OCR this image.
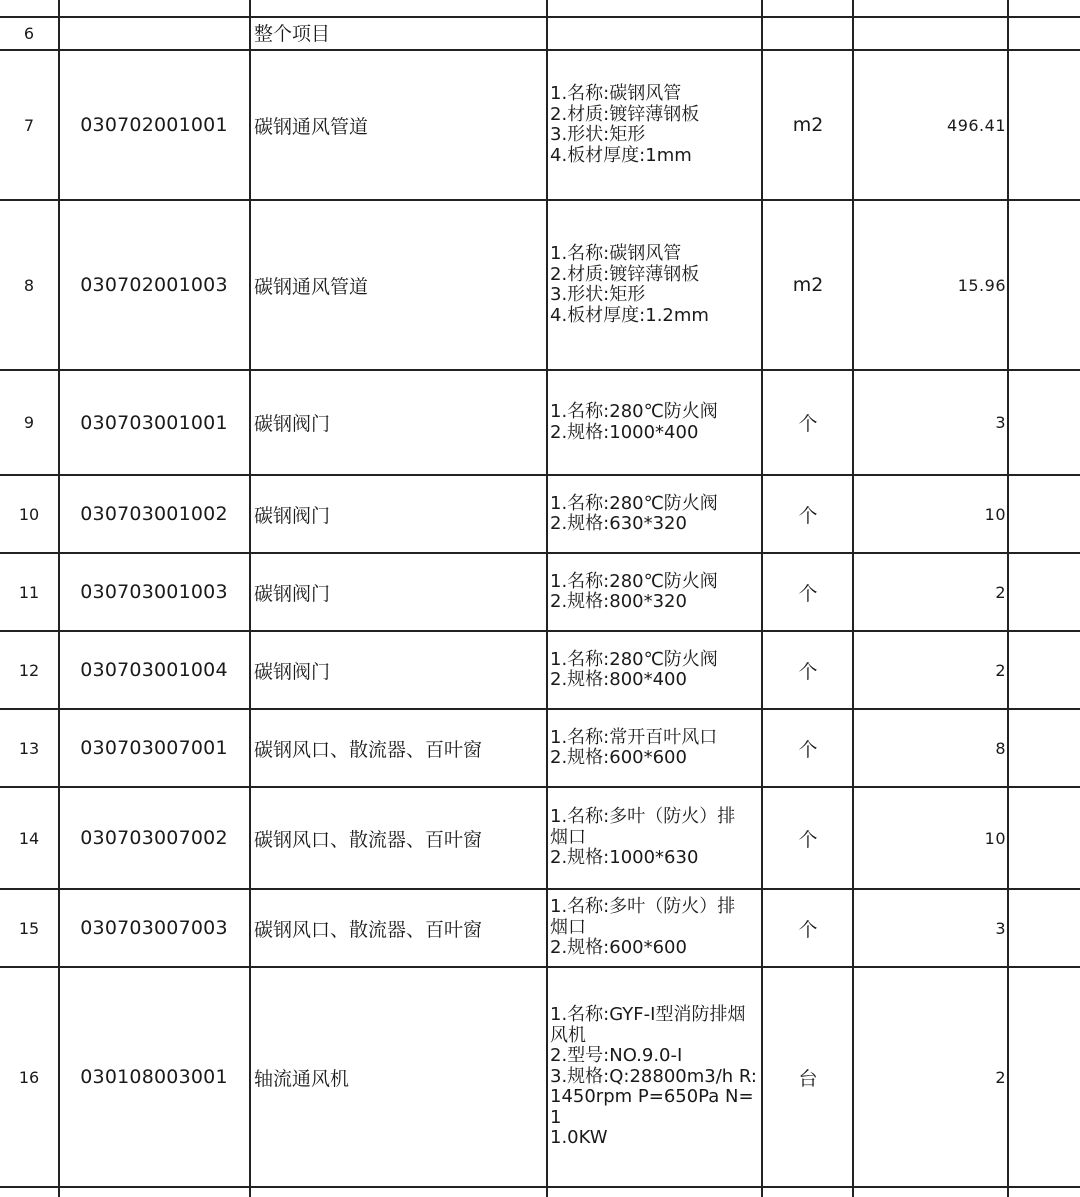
6	整个项目
7	030702001001	碳钢通风管道
1.名称:碳钢风管
2.材质:镀锌薄钢板
3.形状:矩形
4.板材厚度:1mm
m2	496.41
8	030702001003	碳钢通风管道
1.名称:碳钢风管
2.材质:镀锌薄钢板
3.形状:矩形
4.板材厚度:1.2mm
m2	15.96
9	030703001001	碳钢阀门
1.名称:280℃防火阀
2.规格:1000*400	个	3
10	030703001002	碳钢阀门
1.名称:280℃防火阀
2.规格:630*320	个	10
11	030703001003	碳钢阀门
1.名称:280℃防火阀
2.规格:800*320	个	2
12	030703001004	碳钢阀门
1.名称:280℃防火阀
2.规格:800*400	个	2
13	030703007001	碳钢风口、散流器、百叶窗
1.名称:常开百叶风口
2.规格:600*600	个	8
14	030703007002	碳钢风口、散流器、百叶窗
1.名称:多叶（防火）排
烟口
2.规格:1000*630
个	10
15	030703007003	碳钢风口、散流器、百叶窗
1.名称:多叶（防火）排
烟口
2.规格:600*600
个	3
16	030108003001	轴流通风机
1.名称:GYF-I型消防排烟
风机
2.型号:NO.9.0-I
3.规格:Q:28800m3/h R:
1450rpm P=650Pa N=1
1.0KW
台	2
